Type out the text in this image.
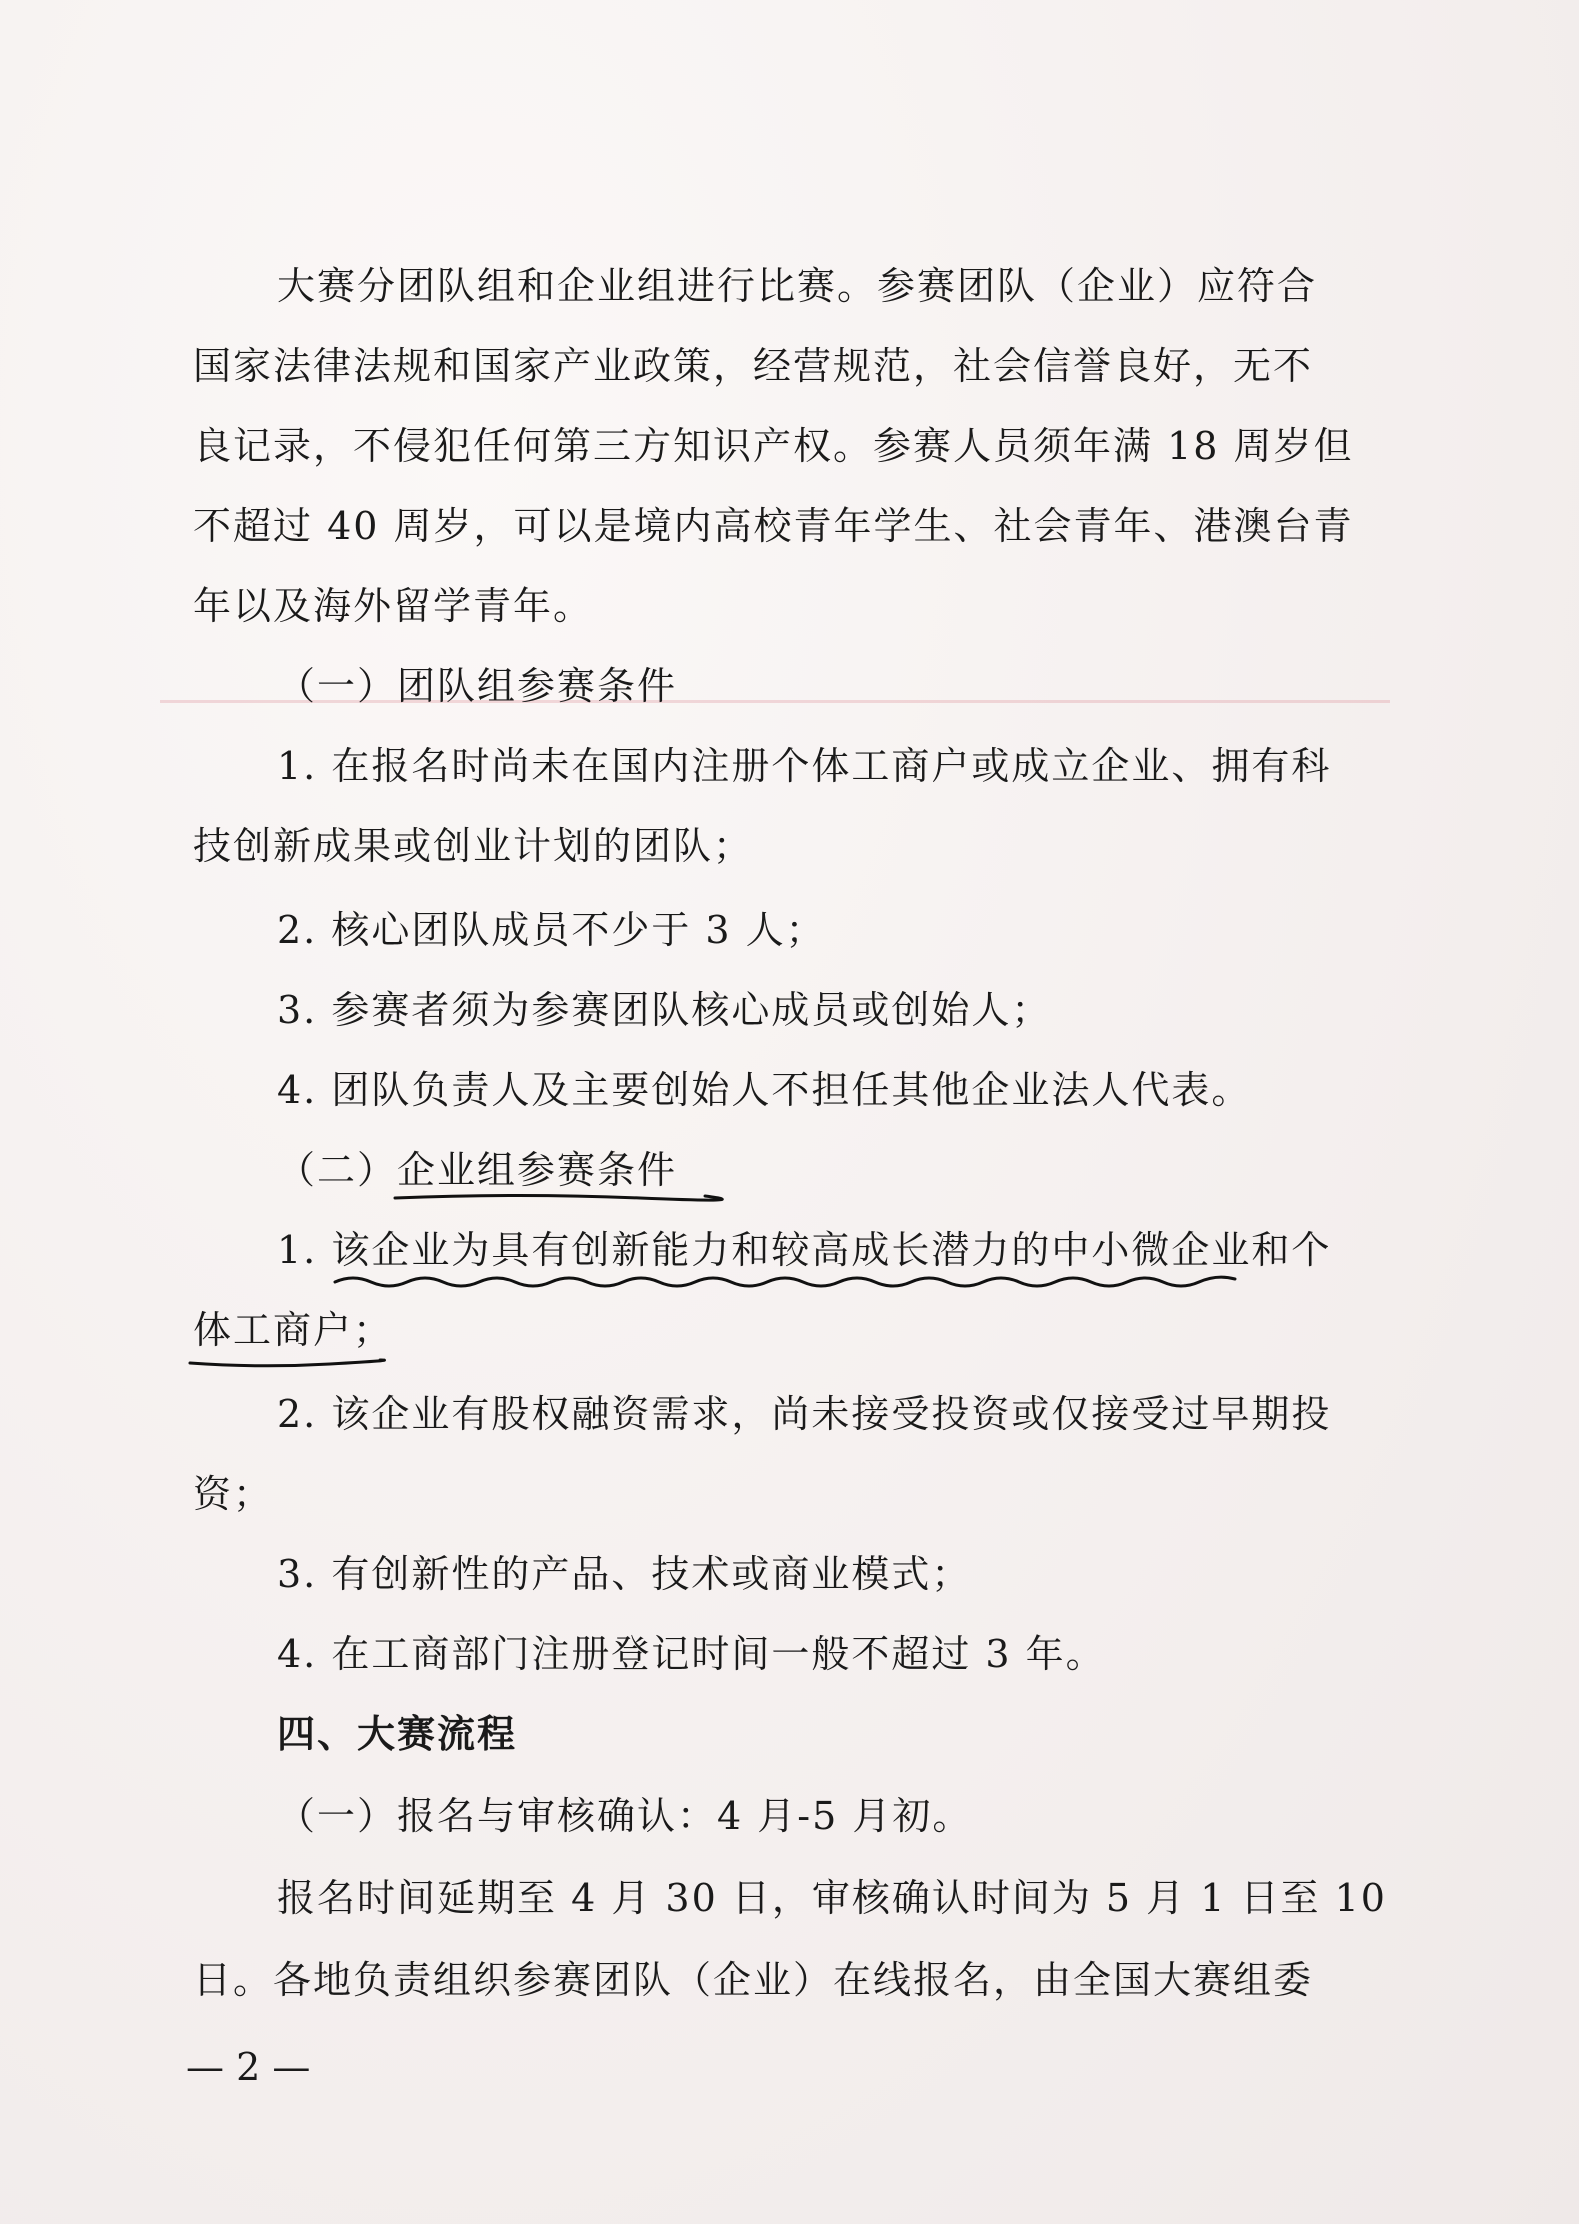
大赛分团队组和企业组进行比赛。参赛团队（企业）应符合
国家法律法规和国家产业政策，经营规范，社会信誉良好，无不
良记录，不侵犯任何第三方知识产权。参赛人员须年满 18 周岁但
不超过 40 周岁，可以是境内高校青年学生、社会青年、港澳台青
年以及海外留学青年。
（一）团队组参赛条件
1. 在报名时尚未在国内注册个体工商户或成立企业、拥有科
技创新成果或创业计划的团队；
2. 核心团队成员不少于 3 人；
3. 参赛者须为参赛团队核心成员或创始人；
4. 团队负责人及主要创始人不担任其他企业法人代表。
（二）企业组参赛条件
1. 该企业为具有创新能力和较高成长潜力的中小微企业和个
体工商户；
2. 该企业有股权融资需求，尚未接受投资或仅接受过早期投
资；
3. 有创新性的产品、技术或商业模式；
4. 在工商部门注册登记时间一般不超过 3 年。
四、大赛流程
（一）报名与审核确认：4 月-5 月初。
报名时间延期至 4 月 30 日，审核确认时间为 5 月 1 日至 10
日。各地负责组织参赛团队（企业）在线报名，由全国大赛组委
— 2 —
